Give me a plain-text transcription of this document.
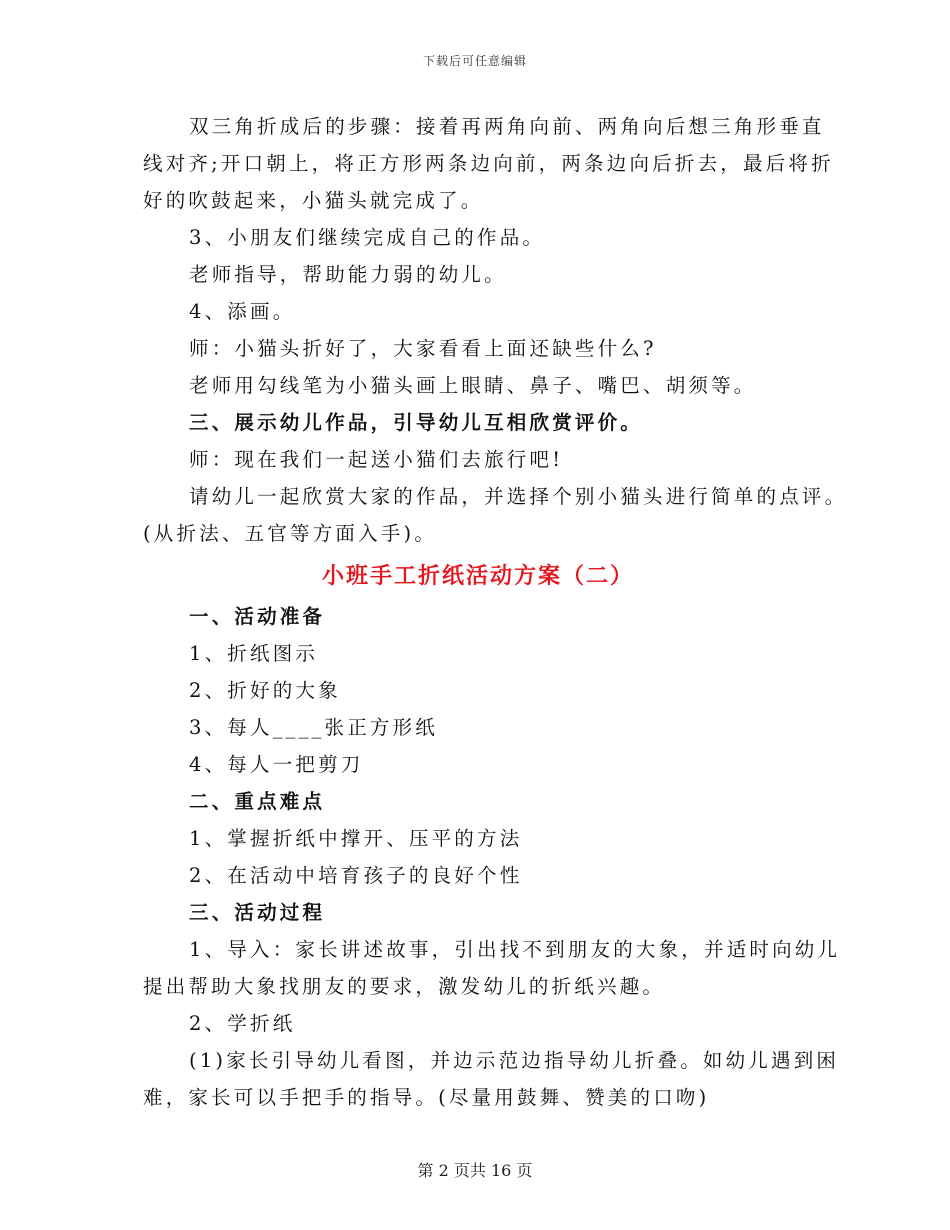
下载后可任意编辑

双三角折成后的步骤：接着再两角向前、两角向后想三角形垂直

线对齐;开口朝上，将正方形两条边向前，两条边向后折去，最后将折

好的吹鼓起来，小猫头就完成了。

3、小朋友们继续完成自己的作品。

老师指导，帮助能力弱的幼儿。

4、添画。

师：小猫头折好了，大家看看上面还缺些什么?

老师用勾线笔为小猫头画上眼睛、鼻子、嘴巴、胡须等。

三、展示幼儿作品，引导幼儿互相欣赏评价。

师：现在我们一起送小猫们去旅行吧!

请幼儿一起欣赏大家的作品，并选择个别小猫头进行简单的点评。

(从折法、五官等方面入手)。

小班手工折纸活动方案（二）

一、活动准备

1、折纸图示

2、折好的大象

3、每人____张正方形纸

4、每人一把剪刀

二、重点难点

1、掌握折纸中撑开、压平的方法

2、在活动中培育孩子的良好个性

三、活动过程

1、导入：家长讲述故事，引出找不到朋友的大象，并适时向幼儿

提出帮助大象找朋友的要求，激发幼儿的折纸兴趣。

2、学折纸

(1)家长引导幼儿看图，并边示范边指导幼儿折叠。如幼儿遇到困

难，家长可以手把手的指导。(尽量用鼓舞、赞美的口吻)

第 2 页共 16 页
